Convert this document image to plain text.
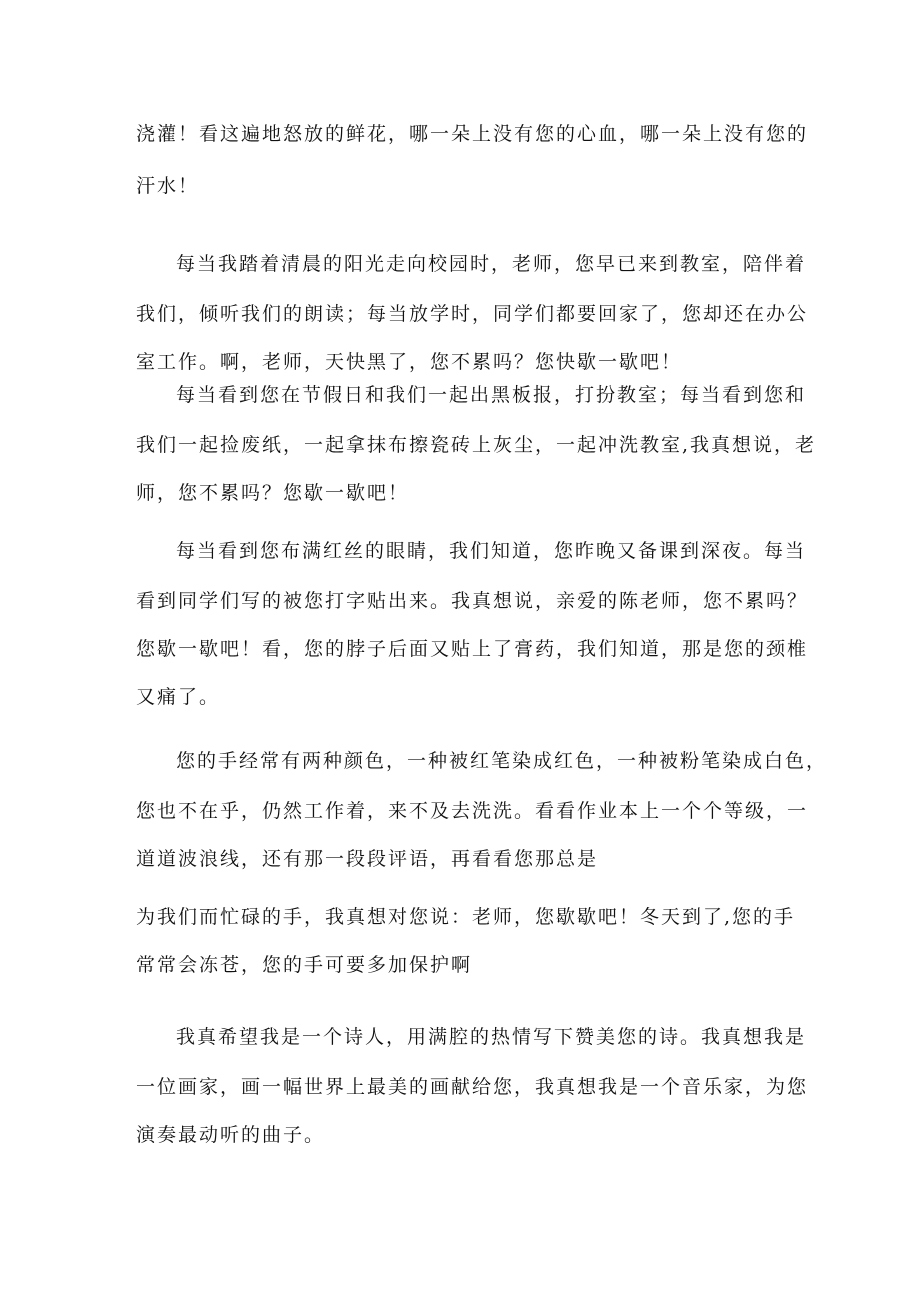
浇灌！看这遍地怒放的鲜花，哪一朵上没有您的心血，哪一朵上没有您的
汗水！
每当我踏着清晨的阳光走向校园时，老师，您早已来到教室，陪伴着
我们，倾听我们的朗读；每当放学时，同学们都要回家了，您却还在办公
室工作。啊，老师，天快黑了，您不累吗？您快歇一歇吧！
每当看到您在节假日和我们一起出黑板报，打扮教室；每当看到您和
我们一起捡废纸，一起拿抹布擦瓷砖上灰尘，一起冲洗教室,我真想说，老
师，您不累吗？您歇一歇吧！
每当看到您布满红丝的眼睛，我们知道，您昨晚又备课到深夜。每当
看到同学们写的被您打字贴出来。我真想说，亲爱的陈老师，您不累吗？
您歇一歇吧！看，您的脖子后面又贴上了膏药，我们知道，那是您的颈椎
又痛了。
您的手经常有两种颜色，一种被红笔染成红色，一种被粉笔染成白色，
您也不在乎，仍然工作着，来不及去洗洗。看看作业本上一个个等级，一
道道波浪线，还有那一段段评语，再看看您那总是
为我们而忙碌的手，我真想对您说：老师，您歇歇吧！冬天到了,您的手
常常会冻苍，您的手可要多加保护啊
我真希望我是一个诗人，用满腔的热情写下赞美您的诗。我真想我是
一位画家，画一幅世界上最美的画献给您，我真想我是一个音乐家，为您
演奏最动听的曲子。
